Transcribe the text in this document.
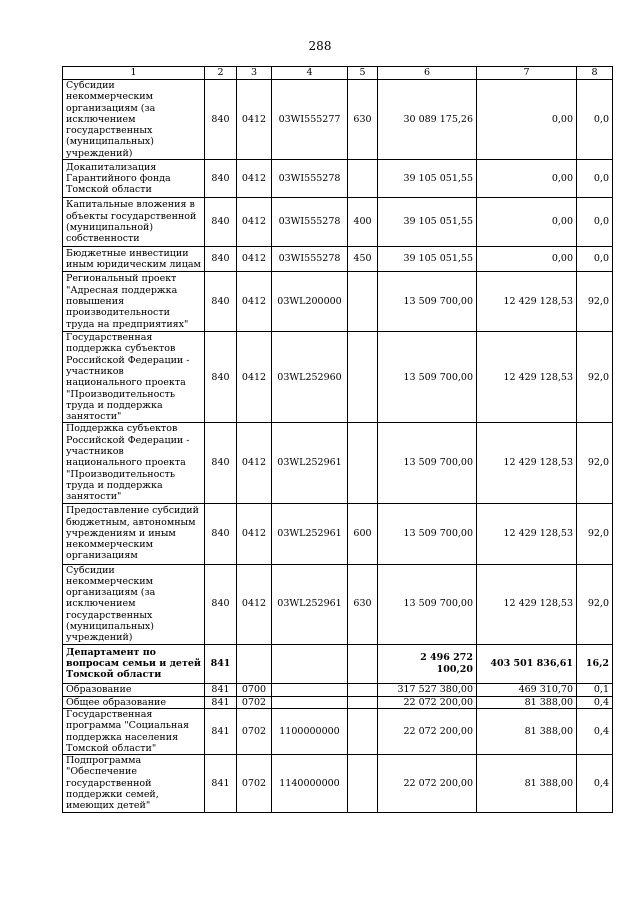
288
1	2	3	4	5	6	7	8
Субсидии некоммерческим организациям (за исключением государственных (муниципальных) учреждений)	840	0412	03WI555277	630	30 089 175,26	0,00	0,0
Докапитализация Гарантийного фонда Томской области	840	0412	03WI555278		39 105 051,55	0,00	0,0
Капитальные вложения в объекты государственной (муниципальной) собственности	840	0412	03WI555278	400	39 105 051,55	0,00	0,0
Бюджетные инвестиции иным юридическим лицам	840	0412	03WI555278	450	39 105 051,55	0,00	0,0
Региональный проект "Адресная поддержка повышения производительности труда на предприятиях"	840	0412	03WL200000		13 509 700,00	12 429 128,53	92,0
Государственная поддержка субъектов Российской Федерации - участников национального проекта "Производительность труда и поддержка занятости"	840	0412	03WL252960		13 509 700,00	12 429 128,53	92,0
Поддержка субъектов Российской Федерации - участников национального проекта "Производительность труда и поддержка занятости"	840	0412	03WL252961		13 509 700,00	12 429 128,53	92,0
Предоставление субсидий бюджетным, автономным учреждениям и иным некоммерческим организациям	840	0412	03WL252961	600	13 509 700,00	12 429 128,53	92,0
Субсидии некоммерческим организациям (за исключением государственных (муниципальных) учреждений)	840	0412	03WL252961	630	13 509 700,00	12 429 128,53	92,0
Департамент по вопросам семьи и детей Томской области	841				2 496 272 100,20	403 501 836,61	16,2
Образование	841	0700			317 527 380,00	469 310,70	0,1
Общее образование	841	0702			22 072 200,00	81 388,00	0,4
Государственная программа "Социальная поддержка населения Томской области"	841	0702	1100000000		22 072 200,00	81 388,00	0,4
Подпрограмма "Обеспечение государственной поддержки семей, имеющих детей"	841	0702	1140000000		22 072 200,00	81 388,00	0,4
